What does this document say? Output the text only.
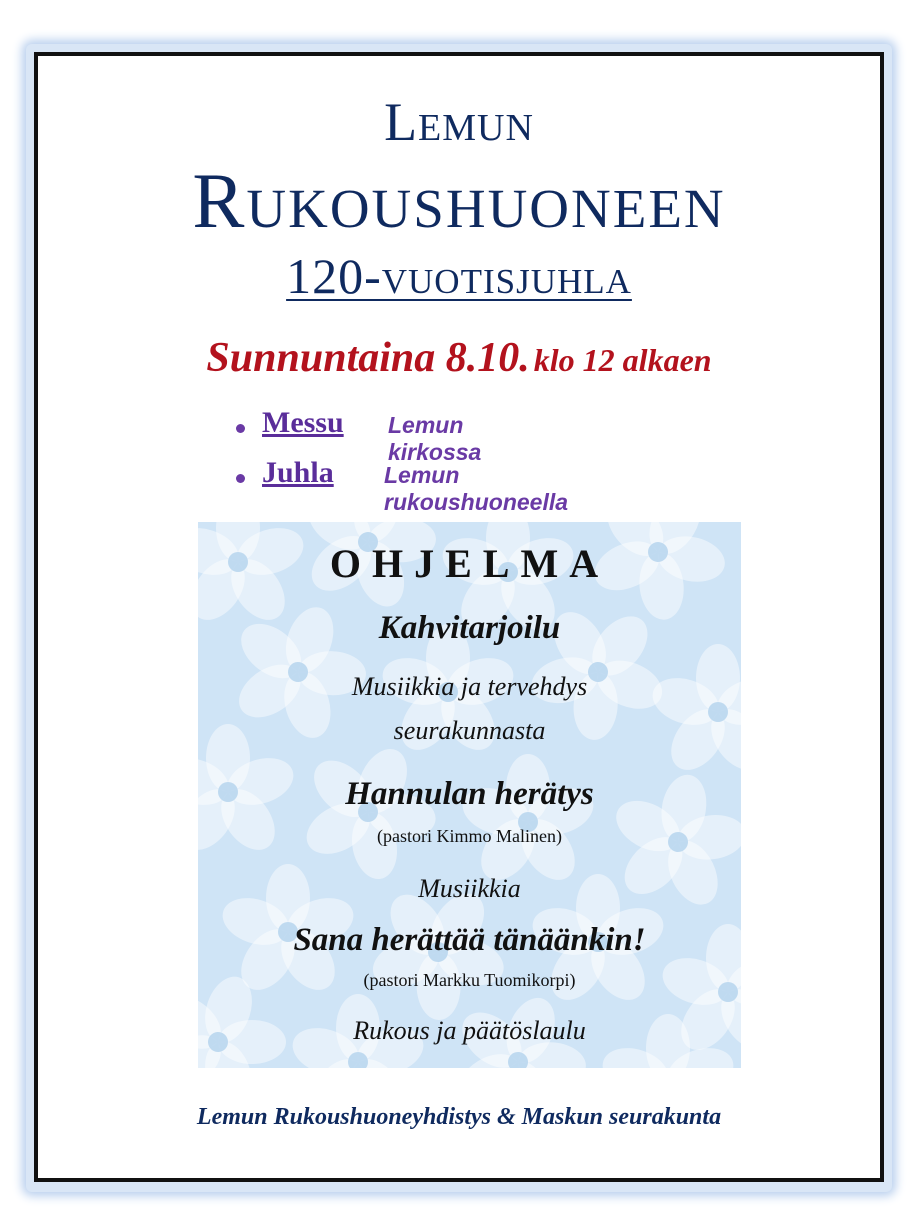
Lemun
Rukoushuoneen
120-vuotisjuhla
Sunnuntaina 8.10. klo 12 alkaen
Messu Lemun kirkossa
Juhla Lemun rukoushuoneella
OHJELMA
Kahvitarjoilu
Musiikkia ja tervehdys
seurakunnasta
Hannulan herätys
(pastori Kimmo Malinen)
Musiikkia
Sana herättää tänäänkin!
(pastori Markku Tuomikorpi)
Rukous ja päätöslaulu
Lemun Rukoushuoneyhdistys & Maskun seurakunta
